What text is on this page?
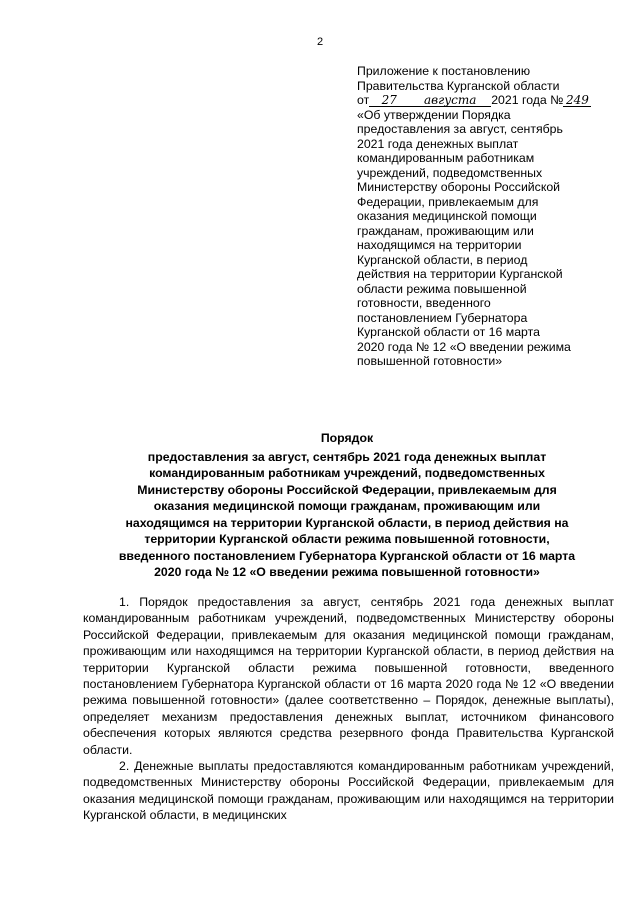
2
Приложение к постановлению
Правительства Курганской области
от 27 августа 2021 года № 249
«Об утверждении Порядка
предоставления за август, сентябрь
2021 года денежных выплат
командированным работникам
учреждений, подведомственных
Министерству обороны Российской
Федерации, привлекаемым для
оказания медицинской помощи
гражданам, проживающим или
находящимся на территории
Курганской области, в период
действия на территории Курганской
области режима повышенной
готовности, введенного
постановлением Губернатора
Курганской области от 16 марта
2020 года № 12 «О введении режима
повышенной готовности»
Порядок
предоставления за август, сентябрь 2021 года денежных выплат
командированным работникам учреждений, подведомственных
Министерству обороны Российской Федерации, привлекаемым для
оказания медицинской помощи гражданам, проживающим или
находящимся на территории Курганской области, в период действия на
территории Курганской области режима повышенной готовности,
введенного постановлением Губернатора Курганской области от 16 марта
2020 года № 12 «О введении режима повышенной готовности»

1. Порядок предоставления за август, сентябрь 2021 года денежных выплат командированным работникам учреждений, подведомственных Министерству обороны Российской Федерации, привлекаемым для оказания медицинской помощи гражданам, проживающим или находящимся на территории Курганской области, в период действия на территории Курганской области режима повышенной готовности, введенного постановлением Губернатора Курганской области от 16 марта 2020 года № 12 «О введении режима повышенной готовности» (далее соответственно – Порядок, денежные выплаты), определяет механизм предоставления денежных выплат, источником финансового обеспечения которых являются средства резервного фонда Правительства Курганской области.

2. Денежные выплаты предоставляются командированным работникам учреждений, подведомственных Министерству обороны Российской Федерации, привлекаемым для оказания медицинской помощи гражданам, проживающим или находящимся на территории Курганской области, в медицинских
